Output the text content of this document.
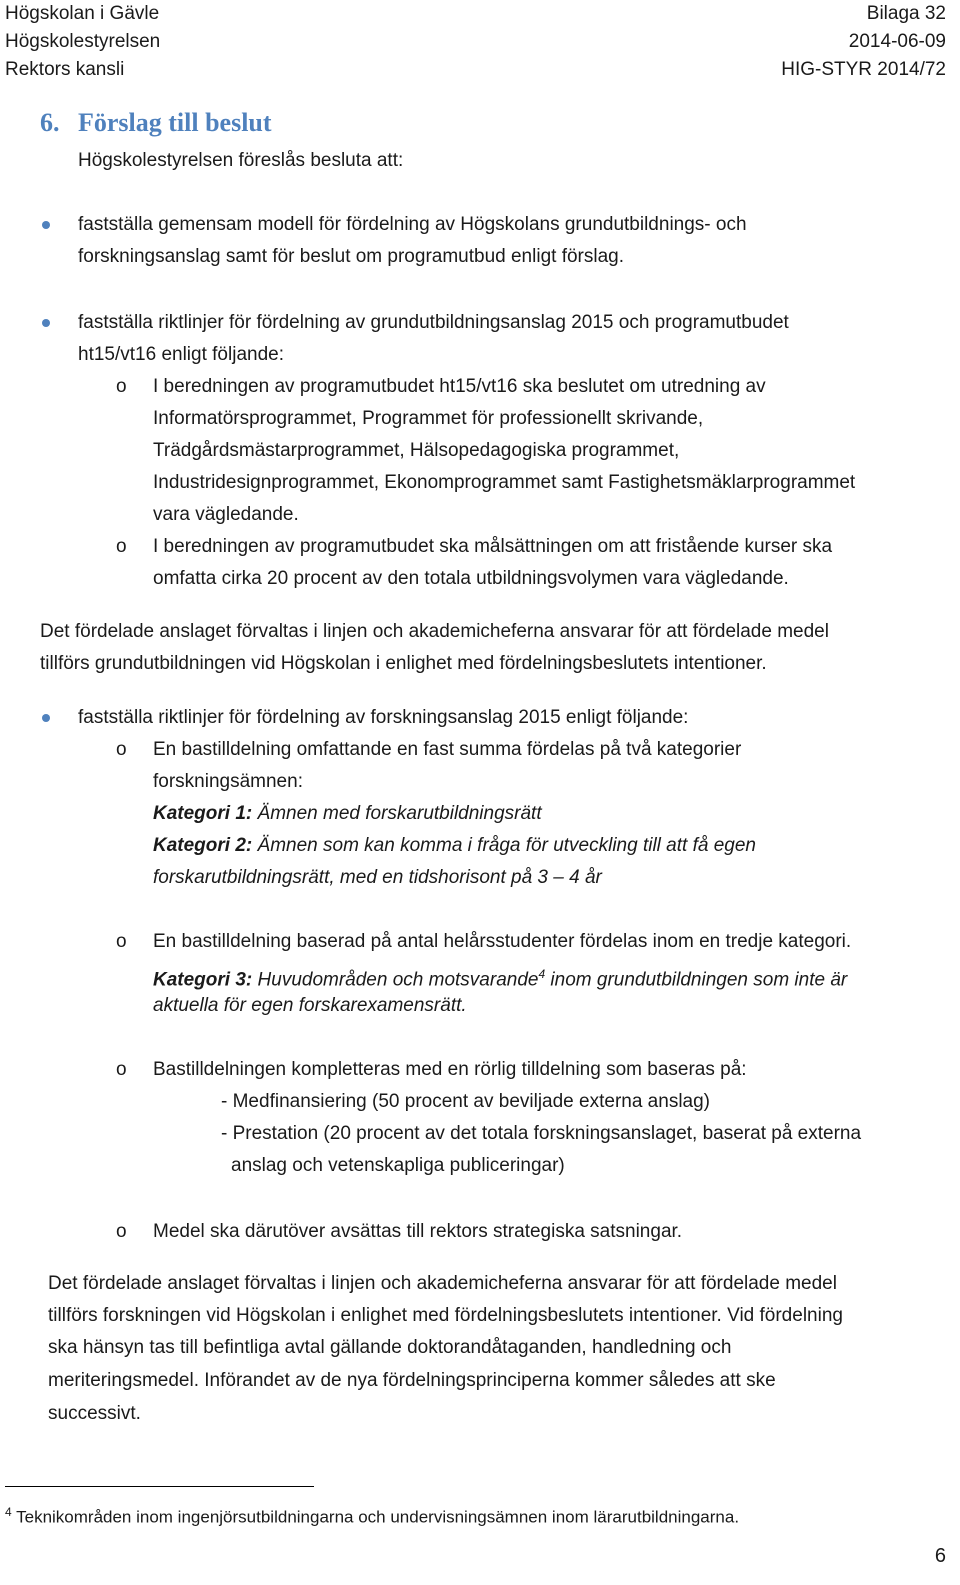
Högskolan i Gävle
Högskolestyrelsen
Rektors kansli
Bilaga 32
2014-06-09
HIG-STYR 2014/72
6. Förslag till beslut
Högskolestyrelsen föreslås besluta att:
fastställa gemensam modell för fördelning av Högskolans grundutbildnings- och
forskningsanslag samt för beslut om programutbud enligt förslag.
fastställa riktlinjer för fördelning av grundutbildningsanslag 2015 och programutbudet
ht15/vt16 enligt följande:
o I beredningen av programutbudet ht15/vt16 ska beslutet om utredning av
Informatörsprogrammet, Programmet för professionellt skrivande,
Trädgårdsmästarprogrammet, Hälsopedagogiska programmet,
Industridesignprogrammet, Ekonomprogrammet samt Fastighetsmäklarprogrammet
vara vägledande.
o I beredningen av programutbudet ska målsättningen om att fristående kurser ska
omfatta cirka 20 procent av den totala utbildningsvolymen vara vägledande.
Det fördelade anslaget förvaltas i linjen och akademicheferna ansvarar för att fördelade medel
tillförs grundutbildningen vid Högskolan i enlighet med fördelningsbeslutets intentioner.
fastställa riktlinjer för fördelning av forskningsanslag 2015 enligt följande:
o En bastilldelning omfattande en fast summa fördelas på två kategorier
forskningsämnen:
Kategori 1: Ämnen med forskarutbildningsrätt
Kategori 2: Ämnen som kan komma i fråga för utveckling till att få egen
forskarutbildningsrätt, med en tidshorisont på 3 – 4 år
o En bastilldelning baserad på antal helårsstudenter fördelas inom en tredje kategori.
Kategori 3: Huvudområden och motsvarande$^4$ inom grundutbildningen som inte är
aktuella för egen forskarexamensrätt.
o Bastilldelningen kompletteras med en rörlig tilldelning som baseras på:
- Medfinansiering (50 procent av beviljade externa anslag)
- Prestation (20 procent av det totala forskningsanslaget, baserat på externa
anslag och vetenskapliga publiceringar)
o Medel ska därutöver avsättas till rektors strategiska satsningar.
Det fördelade anslaget förvaltas i linjen och akademicheferna ansvarar för att fördelade medel
tillförs forskningen vid Högskolan i enlighet med fördelningsbeslutets intentioner. Vid fördelning
ska hänsyn tas till befintliga avtal gällande doktorandåtaganden, handledning och
meriteringsmedel. Införandet av de nya fördelningsprinciperna kommer således att ske
successivt.
$^4$ Teknikområden inom ingenjörsutbildningarna och undervisningsämnen inom lärarutbildningarna.
6
